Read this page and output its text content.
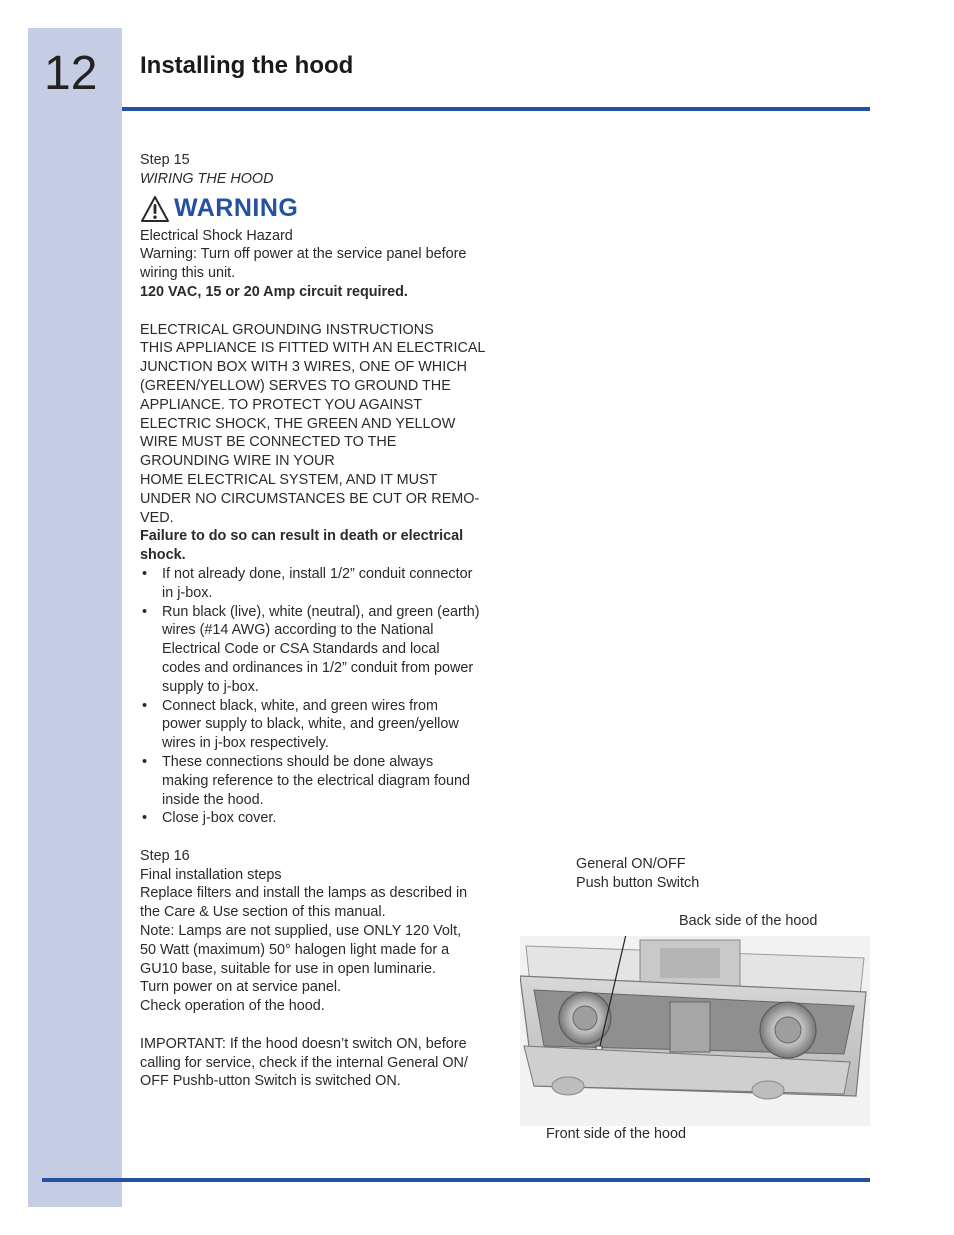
12 Installing the hood

Step 15

WIRING THE HOOD

WARNING

Electrical Shock Hazard

Warning: Turn off power at the service panel before

wiring this unit.

120 VAC, 15 or 20 Amp circuit required.

ELECTRICAL GROUNDING INSTRUCTIONS

THIS APPLIANCE IS FITTED WITH AN ELECTRICAL

JUNCTION BOX WITH 3 WIRES, ONE OF WHICH

(GREEN/YELLOW) SERVES TO GROUND THE

APPLIANCE. TO PROTECT YOU AGAINST

ELECTRIC SHOCK, THE GREEN AND YELLOW

WIRE MUST BE CONNECTED TO THE

GROUNDING WIRE IN YOUR

HOME ELECTRICAL SYSTEM, AND IT MUST

UNDER NO CIRCUMSTANCES BE CUT OR REMO-

VED.

Failure to do so can result in death or electrical

shock.

• If not already done, install 1/2” conduit connector

in j-box.

• Run black (live), white (neutral), and green (earth)

wires (#14 AWG) according to the National

Electrical Code or CSA Standards and local

codes and ordinances in 1/2” conduit from power

supply to j-box.

• Connect black, white, and green wires from

power supply to black, white, and green/yellow

wires in j-box respectively.

• These connections should be done always

making reference to the electrical diagram found

inside the hood.

• Close j-box cover.

Step 16

Final installation steps

Replace filters and install the lamps as described in

the Care & Use section of this manual.

Note: Lamps are not supplied, use ONLY 120 Volt,

50 Watt (maximum) 50° halogen light made for a

GU10 base, suitable for use in open luminarie.

Turn power on at service panel.

Check operation of the hood.

IMPORTANT: If the hood doesn’t switch ON, before

calling for service, check if the internal General ON/

OFF Pushb-utton Switch is switched ON.

General ON/OFF

Push button Switch

Back side of the hood
Front side of the hood
